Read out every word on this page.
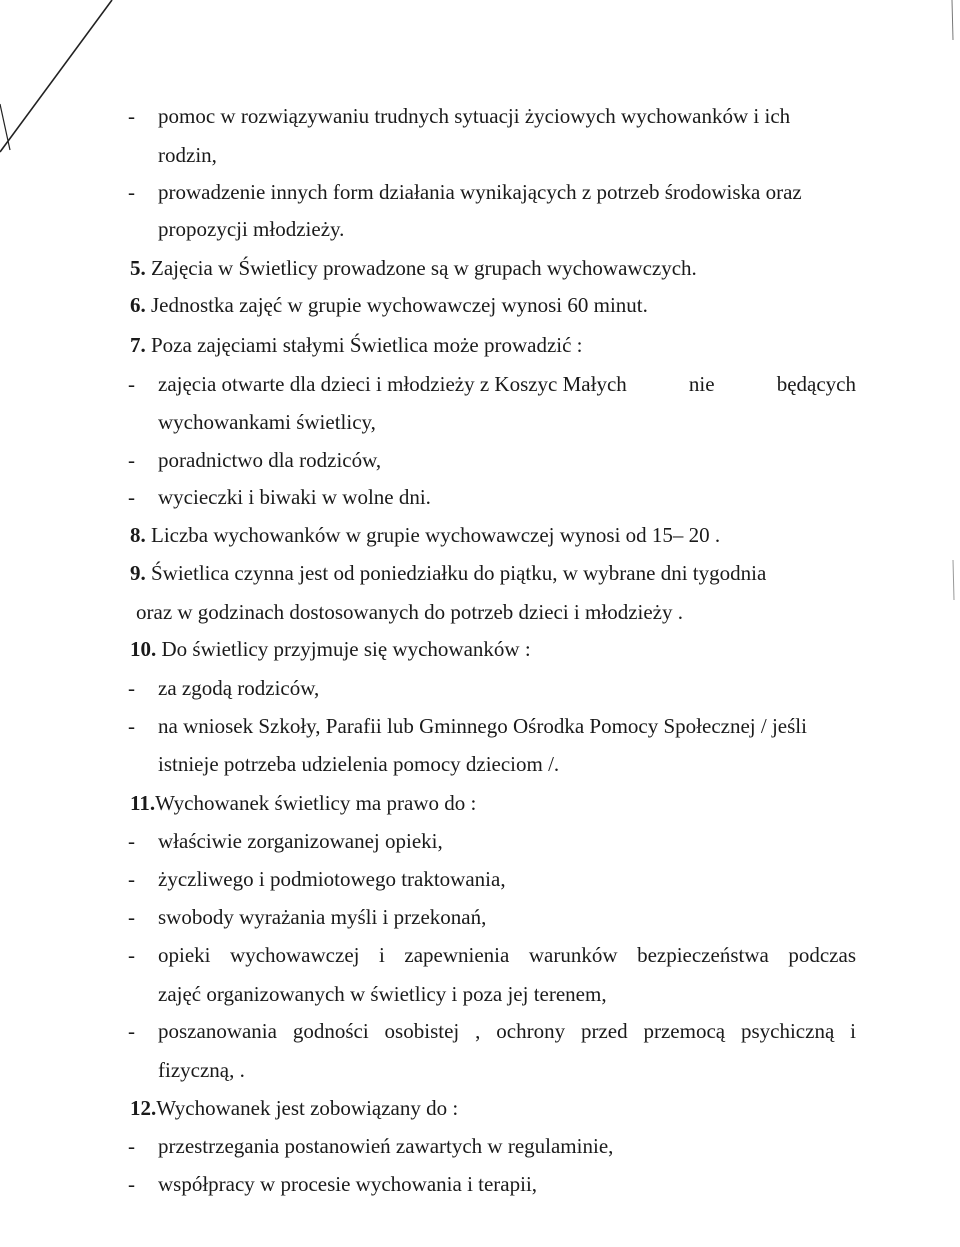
- pomoc w rozwiązywaniu trudnych sytuacji życiowych wychowanków i ich
rodzin,
- prowadzenie innych form działania wynikających z potrzeb środowiska oraz
propozycji młodzieży.
5. Zajęcia w Świetlicy prowadzone są w grupach wychowawczych.
6. Jednostka zajęć w grupie wychowawczej wynosi 60 minut.
7. Poza zajęciami stałymi Świetlica może prowadzić :
- zajęcia otwarte dla dzieci i młodzieży z Koszyc Małych	nie	będących
wychowankami świetlicy,
- poradnictwo dla rodziców,
- wycieczki i biwaki w wolne dni.
8. Liczba wychowanków w grupie wychowawczej wynosi od 15– 20 .
9. Świetlica czynna jest od poniedziałku do piątku, w wybrane dni tygodnia
oraz w godzinach dostosowanych do potrzeb dzieci i młodzieży .
10. Do świetlicy przyjmuje się wychowanków :
- za zgodą rodziców,
- na wniosek Szkoły, Parafii lub Gminnego Ośrodka Pomocy Społecznej / jeśli
istnieje potrzeba udzielenia pomocy dzieciom /.
11.Wychowanek świetlicy ma prawo do :
- właściwie zorganizowanej opieki,
- życzliwego i podmiotowego traktowania,
- swobody wyrażania myśli i przekonań,
- opieki wychowawczej i zapewnienia warunków bezpieczeństwa podczas
zajęć organizowanych w świetlicy i poza jej terenem,
- poszanowania godności osobistej , ochrony przed przemocą psychiczną i
fizyczną, .
12.Wychowanek jest zobowiązany do :
- przestrzegania postanowień zawartych w regulaminie,
- współpracy w procesie wychowania i terapii,
